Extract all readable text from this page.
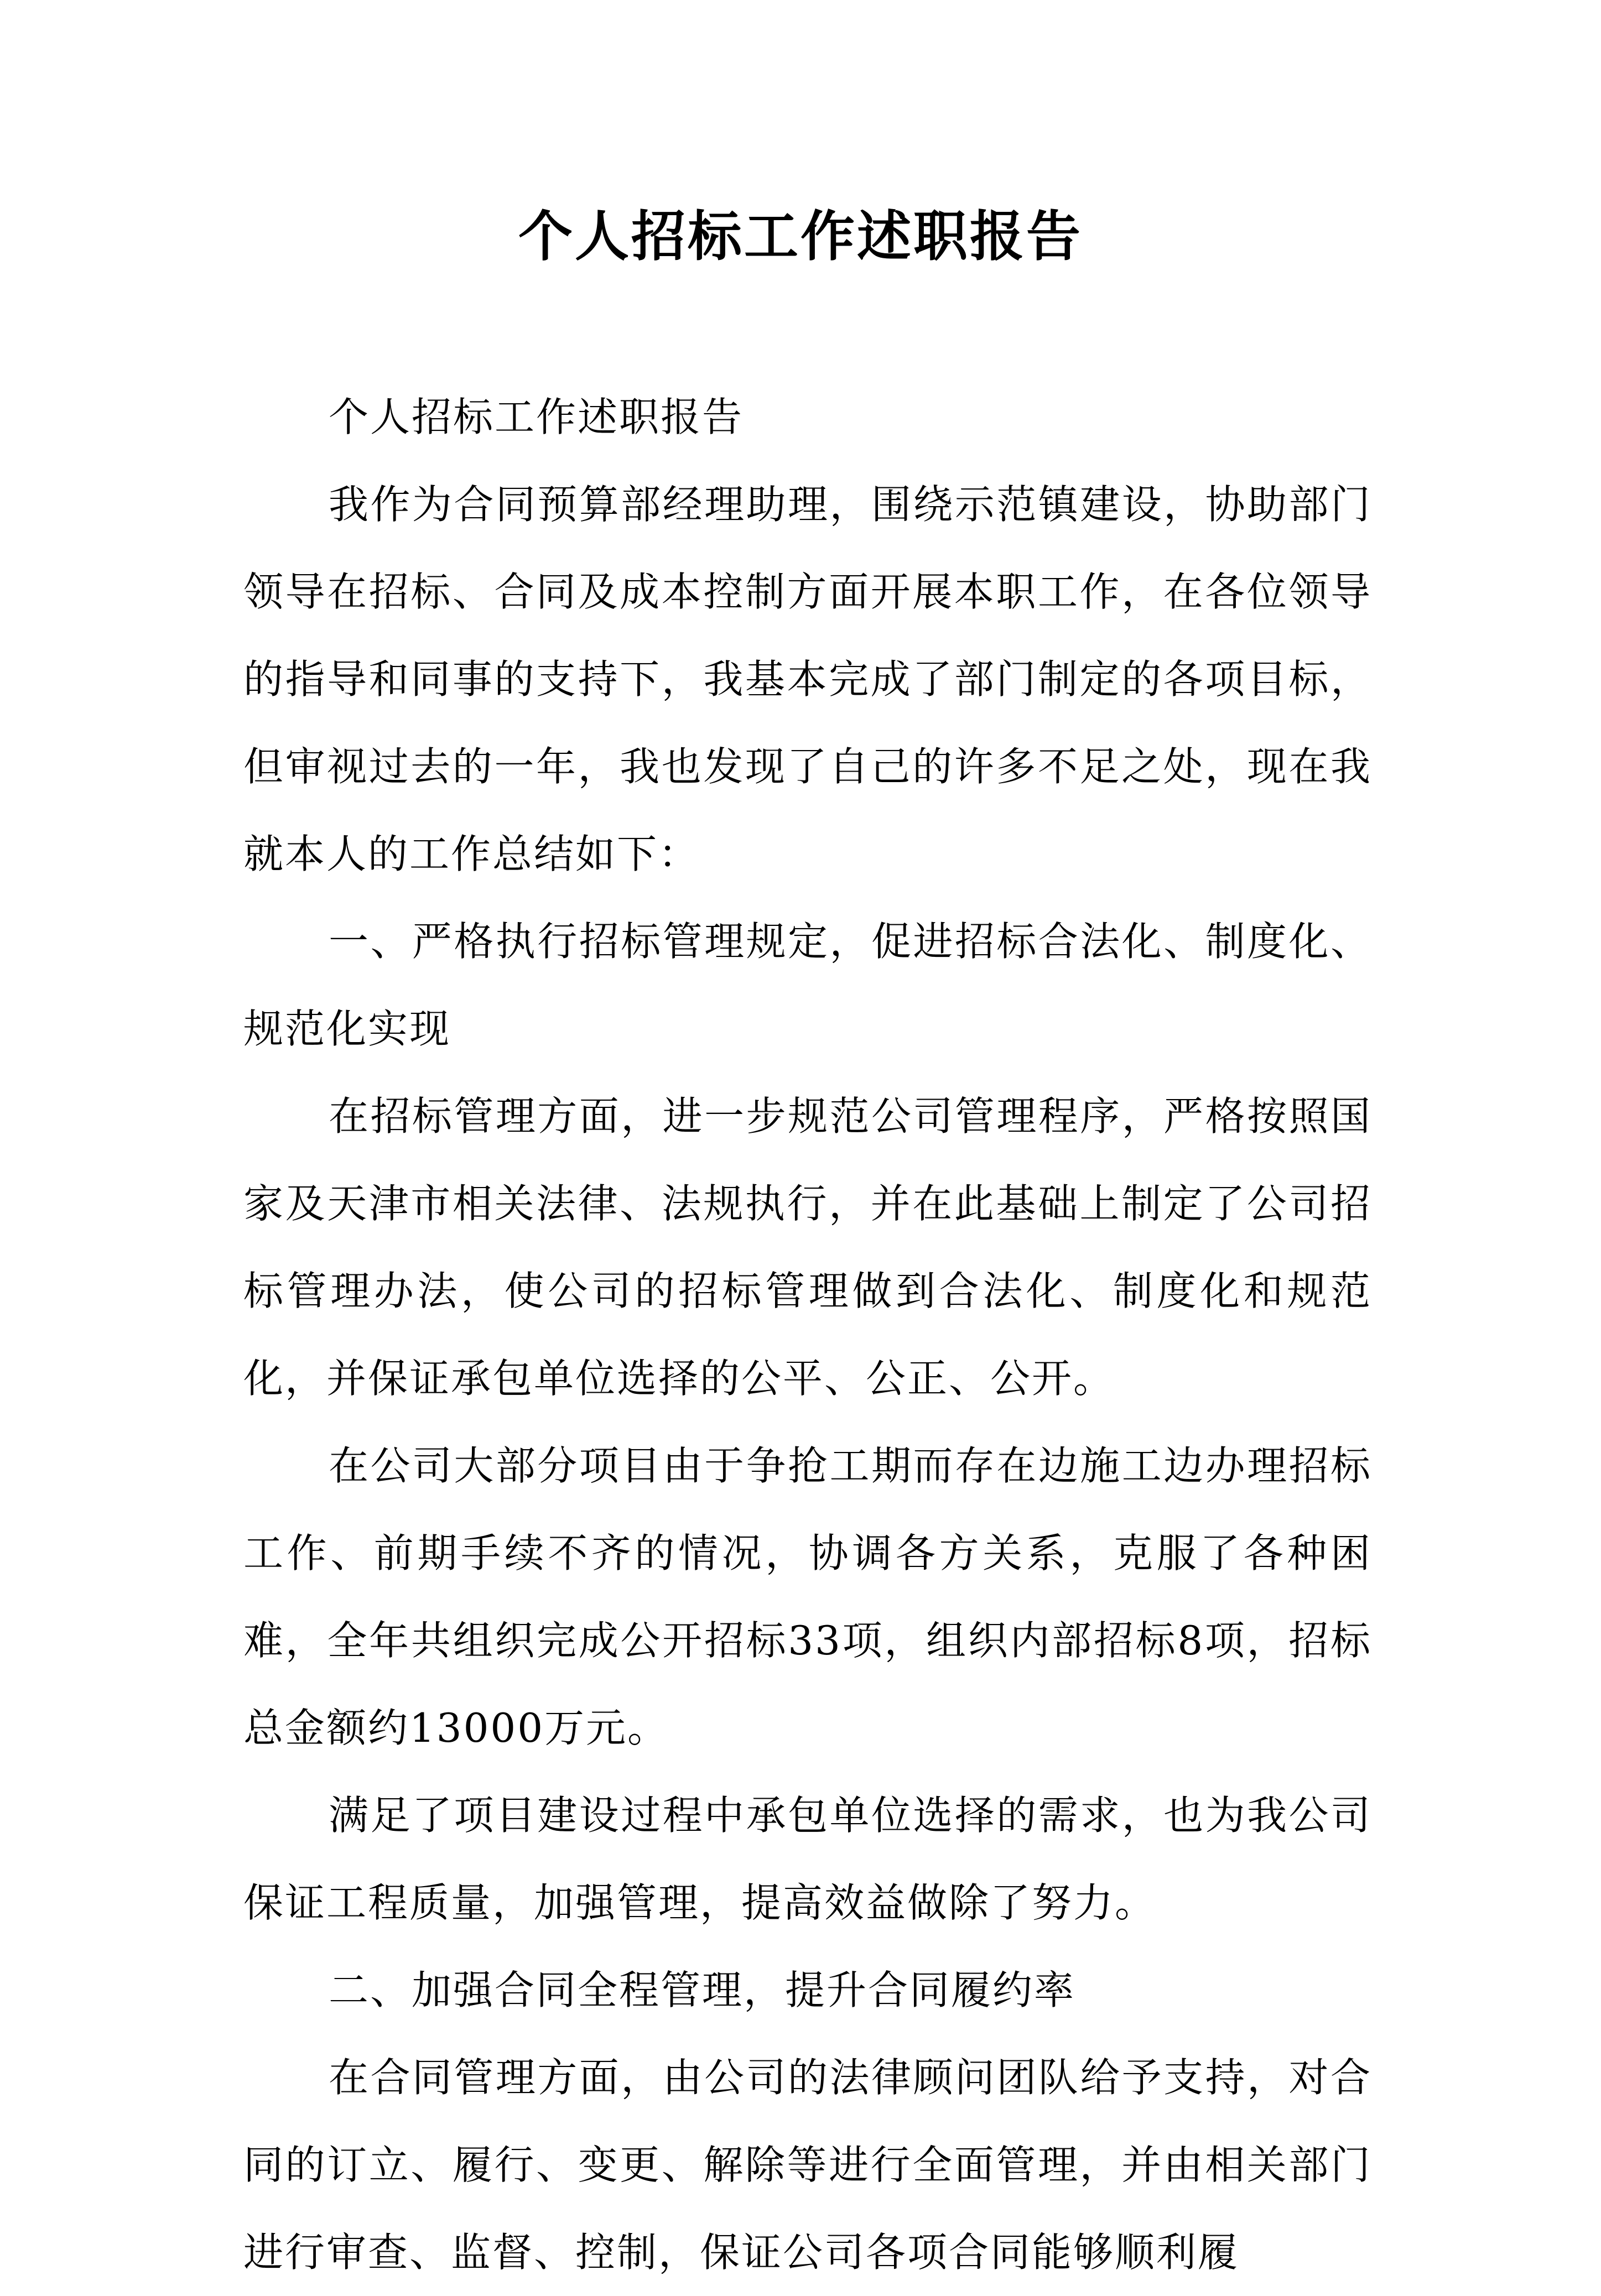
个人招标工作述职报告

个人招标工作述职报告

我作为合同预算部经理助理，围绕示范镇建设，协助部门领导在招标、合同及成本控制方面开展本职工作，在各位领导的指导和同事的支持下，我基本完成了部门制定的各项目标，但审视过去的一年，我也发现了自己的许多不足之处，现在我就本人的工作总结如下：

一、严格执行招标管理规定，促进招标合法化、制度化、规范化实现

在招标管理方面，进一步规范公司管理程序，严格按照国家及天津市相关法律、法规执行，并在此基础上制定了公司招标管理办法，使公司的招标管理做到合法化、制度化和规范化，并保证承包单位选择的公平、公正、公开。

在公司大部分项目由于争抢工期而存在边施工边办理招标工作、前期手续不齐的情况，协调各方关系，克服了各种困难，全年共组织完成公开招标33项，组织内部招标8项，招标总金额约13000万元。

满足了项目建设过程中承包单位选择的需求，也为我公司保证工程质量，加强管理，提高效益做除了努力。

二、加强合同全程管理，提升合同履约率

在合同管理方面，由公司的法律顾问团队给予支持，对合同的订立、履行、变更、解除等进行全面管理，并由相关部门进行审查、监督、控制，保证公司各项合同能够顺利履
